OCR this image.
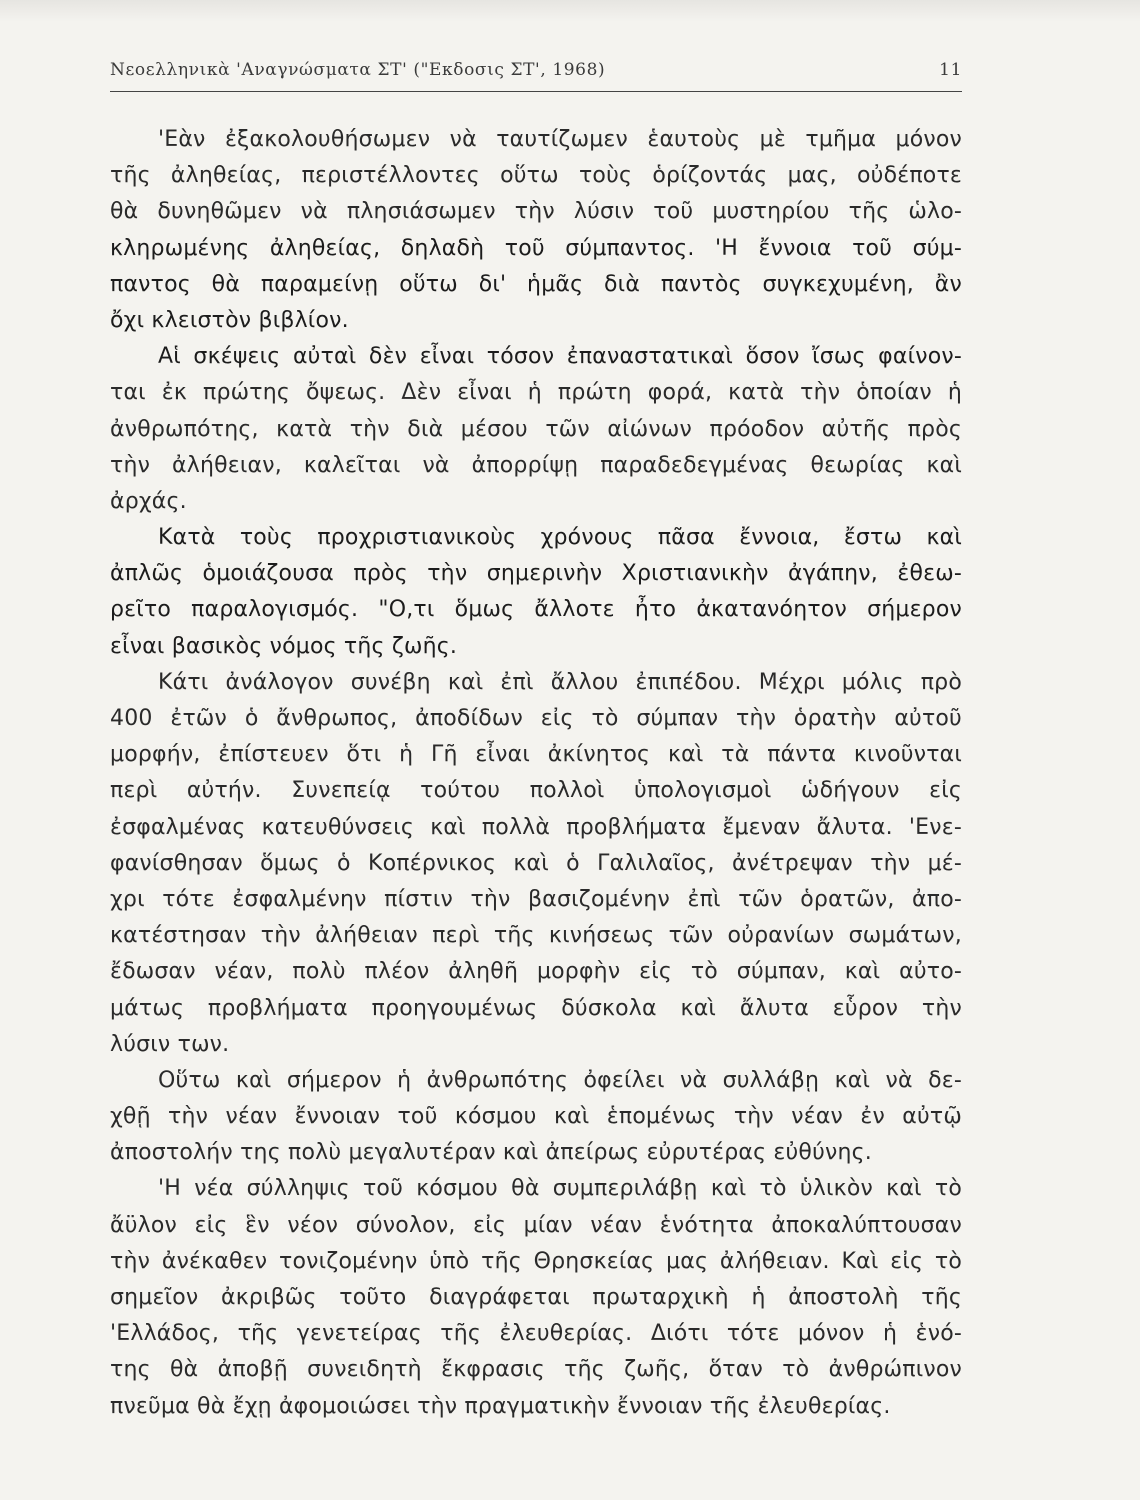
Νεοελληνικὰ 'Αναγνώσματα ΣΤ' ("Εκδοσις ΣΤ', 1968)	11
'Εὰν ἐξακολουθήσωμεν νὰ ταυτίζωμεν ἑαυτοὺς μὲ τμῆμα μόνον
τῆς ἀληθείας, περιστέλλοντες οὕτω τοὺς ὁρίζοντάς μας, οὐδέποτε
θὰ δυνηθῶμεν νὰ πλησιάσωμεν τὴν λύσιν τοῦ μυστηρίου τῆς ὡλο-
κληρωμένης ἀληθείας, δηλαδὴ τοῦ σύμπαντος. 'Η ἔννοια τοῦ σύμ-
παντος θὰ παραμείνῃ οὕτω δι' ἡμᾶς διὰ παντὸς συγκεχυμένη, ἂν
ὄχι κλειστὸν βιβλίον.
Αἱ σκέψεις αὐταὶ δὲν εἶναι τόσον ἐπαναστατικαὶ ὅσον ἴσως φαίνον-
ται ἐκ πρώτης ὄψεως. Δὲν εἶναι ἡ πρώτη φορά, κατὰ τὴν ὁποίαν ἡ
ἀνθρωπότης, κατὰ τὴν διὰ μέσου τῶν αἰώνων πρόοδον αὐτῆς πρὸς
τὴν ἀλήθειαν, καλεῖται νὰ ἀπορρίψῃ παραδεδεγμένας θεωρίας καὶ
ἀρχάς.
Κατὰ τοὺς προχριστιανικοὺς χρόνους πᾶσα ἔννοια, ἔστω καὶ
ἀπλῶς ὁμοιάζουσα πρὸς τὴν σημερινὴν Χριστιανικὴν ἀγάπην, ἐθεω-
ρεῖτο παραλογισμός. "Ο,τι ὅμως ἄλλοτε ἦτο ἀκατανόητον σήμερον
εἶναι βασικὸς νόμος τῆς ζωῆς.
Κάτι ἀνάλογον συνέβη καὶ ἐπὶ ἄλλου ἐπιπέδου. Μέχρι μόλις πρὸ
400 ἐτῶν ὁ ἄνθρωπος, ἀποδίδων εἰς τὸ σύμπαν τὴν ὁρατὴν αὐτοῦ
μορφήν, ἐπίστευεν ὅτι ἡ Γῆ εἶναι ἀκίνητος καὶ τὰ πάντα κινοῦνται
περὶ αὐτήν. Συνεπείᾳ τούτου πολλοὶ ὑπολογισμοὶ ὡδήγουν εἰς
ἐσφαλμένας κατευθύνσεις καὶ πολλὰ προβλήματα ἔμεναν ἄλυτα. 'Ενε-
φανίσθησαν ὅμως ὁ Κοπέρνικος καὶ ὁ Γαλιλαῖος, ἀνέτρεψαν τὴν μέ-
χρι τότε ἐσφαλμένην πίστιν τὴν βασιζομένην ἐπὶ τῶν ὁρατῶν, ἀπο-
κατέστησαν τὴν ἀλήθειαν περὶ τῆς κινήσεως τῶν οὐρανίων σωμάτων,
ἔδωσαν νέαν, πολὺ πλέον ἀληθῆ μορφὴν εἰς τὸ σύμπαν, καὶ αὐτο-
μάτως προβλήματα προηγουμένως δύσκολα καὶ ἄλυτα εὗρον τὴν
λύσιν των.
Οὕτω καὶ σήμερον ἡ ἀνθρωπότης ὀφείλει νὰ συλλάβῃ καὶ νὰ δε-
χθῇ τὴν νέαν ἔννοιαν τοῦ κόσμου καὶ ἑπομένως τὴν νέαν ἐν αὐτῷ
ἀποστολήν της πολὺ μεγαλυτέραν καὶ ἀπείρως εὐρυτέρας εὐθύνης.
'Η νέα σύλληψις τοῦ κόσμου θὰ συμπεριλάβῃ καὶ τὸ ὑλικὸν καὶ τὸ
ἄϋλον εἰς ἓν νέον σύνολον, εἰς μίαν νέαν ἑνότητα ἀποκαλύπτουσαν
τὴν ἀνέκαθεν τονιζομένην ὑπὸ τῆς Θρησκείας μας ἀλήθειαν. Καὶ εἰς τὸ
σημεῖον ἀκριβῶς τοῦτο διαγράφεται πρωταρχικὴ ἡ ἀποστολὴ τῆς
'Ελλάδος, τῆς γενετείρας τῆς ἐλευθερίας. Διότι τότε μόνον ἡ ἑνό-
της θὰ ἀποβῇ συνειδητὴ ἔκφρασις τῆς ζωῆς, ὅταν τὸ ἀνθρώπινον
πνεῦμα θὰ ἔχῃ ἀφομοιώσει τὴν πραγματικὴν ἔννοιαν τῆς ἐλευθερίας.
